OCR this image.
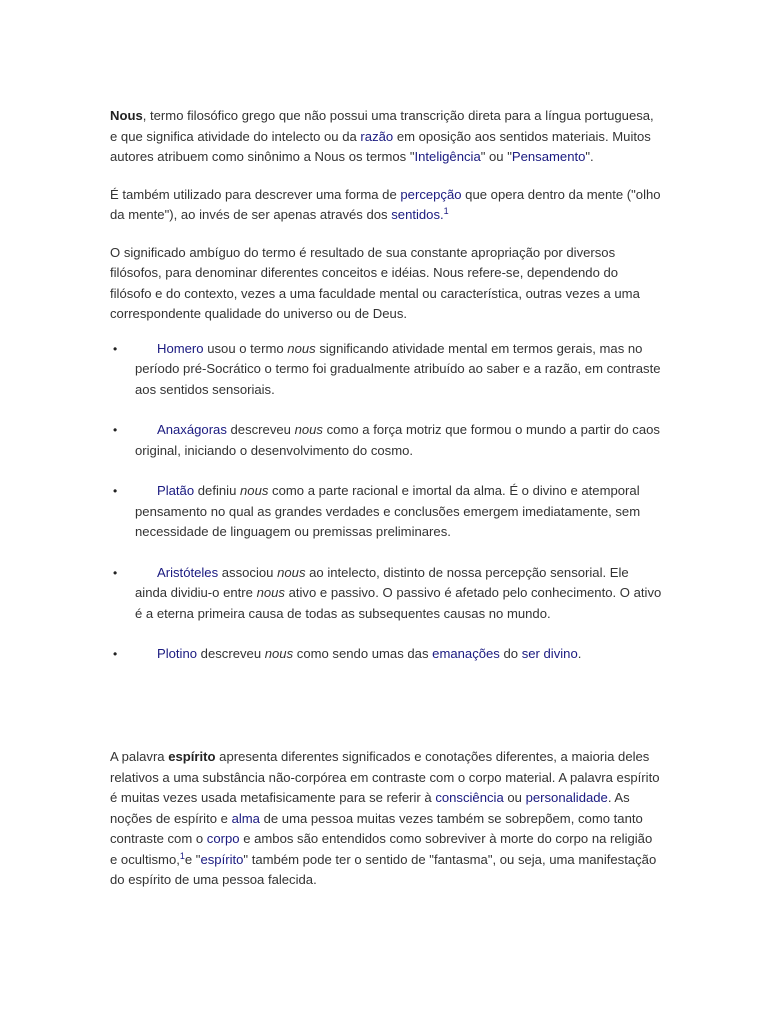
Nous, termo filosófico grego que não possui uma transcrição direta para a língua portuguesa, e que significa atividade do intelecto ou da razão em oposição aos sentidos materiais. Muitos autores atribuem como sinônimo a Nous os termos "Inteligência" ou "Pensamento".

É também utilizado para descrever uma forma de percepção que opera dentro da mente ("olho da mente"), ao invés de ser apenas através dos sentidos.$^1$

O significado ambíguo do termo é resultado de sua constante apropriação por diversos filósofos, para denominar diferentes conceitos e idéias. Nous refere-se, dependendo do filósofo e do contexto, vezes a uma faculdade mental ou característica, outras vezes a uma correspondente qualidade do universo ou de Deus.

•	Homero usou o termo nous significando atividade mental em termos gerais, mas no período pré-Socrático o termo foi gradualmente atribuído ao saber e a razão, em contraste aos sentidos sensoriais.
•	Anaxágoras descreveu nous como a força motriz que formou o mundo a partir do caos original, iniciando o desenvolvimento do cosmo.
•	Platão definiu nous como a parte racional e imortal da alma. É o divino e atemporal pensamento no qual as grandes verdades e conclusões emergem imediatamente, sem necessidade de linguagem ou premissas preliminares.
•	Aristóteles associou nous ao intelecto, distinto de nossa percepção sensorial. Ele ainda dividiu-o entre nous ativo e passivo. O passivo é afetado pelo conhecimento. O ativo é a eterna primeira causa de todas as subsequentes causas no mundo.
•	Plotino descreveu nous como sendo umas das emanações do ser divino.

A palavra espírito apresenta diferentes significados e conotações diferentes, a maioria deles relativos a uma substância não-corpórea em contraste com o corpo material. A palavra espírito é muitas vezes usada metafisicamente para se referir à consciência ou personalidade. As noções de espírito e alma de uma pessoa muitas vezes também se sobrepõem, como tanto contraste com o corpo e ambos são entendidos como sobreviver à morte do corpo na religião e ocultismo,$^1$e "espírito" também pode ter o sentido de "fantasma", ou seja, uma manifestação do espírito de uma pessoa falecida.
